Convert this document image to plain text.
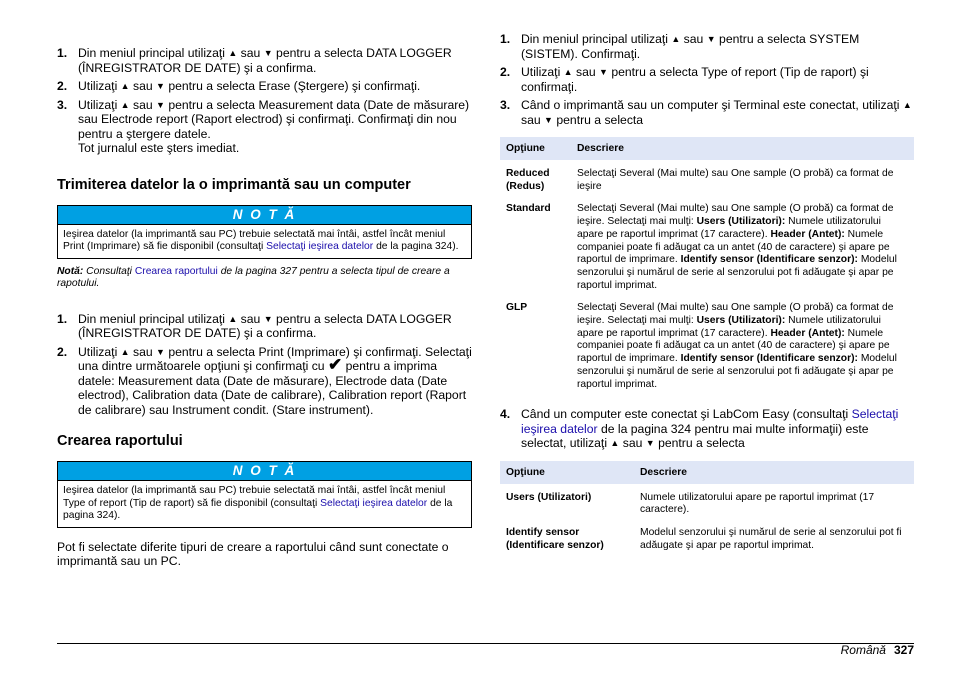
1. Din meniul principal utilizaţi ▲ sau ▼ pentru a selecta DATA LOGGER (ÎNREGISTRATOR DE DATE) şi a confirma.
2. Utilizaţi ▲ sau ▼ pentru a selecta Erase (Ştergere) şi confirmaţi.
3. Utilizaţi ▲ sau ▼ pentru a selecta Measurement data (Date de măsurare) sau Electrode report (Raport electrod) şi confirmaţi. Confirmaţi din nou pentru a ştergere datele.
Tot jurnalul este şters imediat.
Trimiterea datelor la o imprimantă sau un computer
N O T Ă
Ieşirea datelor (la imprimantă sau PC) trebuie selectată mai întâi, astfel încât meniul Print (Imprimare) să fie disponibil (consultaţi Selectaţi ieşirea datelor de la pagina 324).
Notă: Consultaţi Crearea raportului de la pagina 327 pentru a selecta tipul de creare a rapotului.
1. Din meniul principal utilizaţi ▲ sau ▼ pentru a selecta DATA LOGGER (ÎNREGISTRATOR DE DATE) şi a confirma.
2. Utilizaţi ▲ sau ▼ pentru a selecta Print (Imprimare) şi confirmaţi. Selectaţi una dintre următoarele opţiuni şi confirmaţi cu ✔ pentru a imprima datele: Measurement data (Date de măsurare), Electrode data (Date electrod), Calibration data (Date de calibrare), Calibration report (Raport de calibrare) sau Instrument condit. (Stare instrument).
Crearea raportului
N O T Ă
Ieşirea datelor (la imprimantă sau PC) trebuie selectată mai întâi, astfel încât meniul Type of report (Tip de raport) să fie disponibil (consultaţi Selectaţi ieşirea datelor de la pagina 324).
Pot fi selectate diferite tipuri de creare a raportului când sunt conectate o imprimantă sau un PC.
1. Din meniul principal utilizaţi ▲ sau ▼ pentru a selecta SYSTEM (SISTEM). Confirmaţi.
2. Utilizaţi ▲ sau ▼ pentru a selecta Type of report (Tip de raport) şi confirmaţi.
3. Când o imprimantă sau un computer şi Terminal este conectat, utilizaţi ▲ sau ▼ pentru a selecta
Opţiune	Descriere
Reduced (Redus)	Selectaţi Several (Mai multe) sau One sample (O probă) ca format de ieşire
Standard	Selectaţi Several (Mai multe) sau One sample (O probă) ca format de ieşire. Selectaţi mai mulţi: Users (Utilizatori): Numele utilizatorului apare pe raportul imprimat (17 caractere). Header (Antet): Numele companiei poate fi adăugat ca un antet (40 de caractere) şi apare pe raportul de imprimare. Identify sensor (Identificare senzor): Modelul senzorului şi numărul de serie al senzorului pot fi adăugate şi apar pe raportul imprimat.
GLP	Selectaţi Several (Mai multe) sau One sample (O probă) ca format de ieşire. Selectaţi mai mulţi: Users (Utilizatori): Numele utilizatorului apare pe raportul imprimat (17 caractere). Header (Antet): Numele companiei poate fi adăugat ca un antet (40 de caractere) şi apare pe raportul de imprimare. Identify sensor (Identificare senzor): Modelul senzorului şi numărul de serie al senzorului pot fi adăugate şi apar pe raportul imprimat.
4. Când un computer este conectat şi LabCom Easy (consultaţi Selectaţi ieşirea datelor de la pagina 324 pentru mai multe informaţii) este selectat, utilizaţi ▲ sau ▼ pentru a selecta
Opţiune	Descriere
Users (Utilizatori)	Numele utilizatorului apare pe raportul imprimat (17 caractere).
Identify sensor (Identificare senzor)	Modelul senzorului şi numărul de serie al senzorului pot fi adăugate şi apar pe raportul imprimat.
Română 327
